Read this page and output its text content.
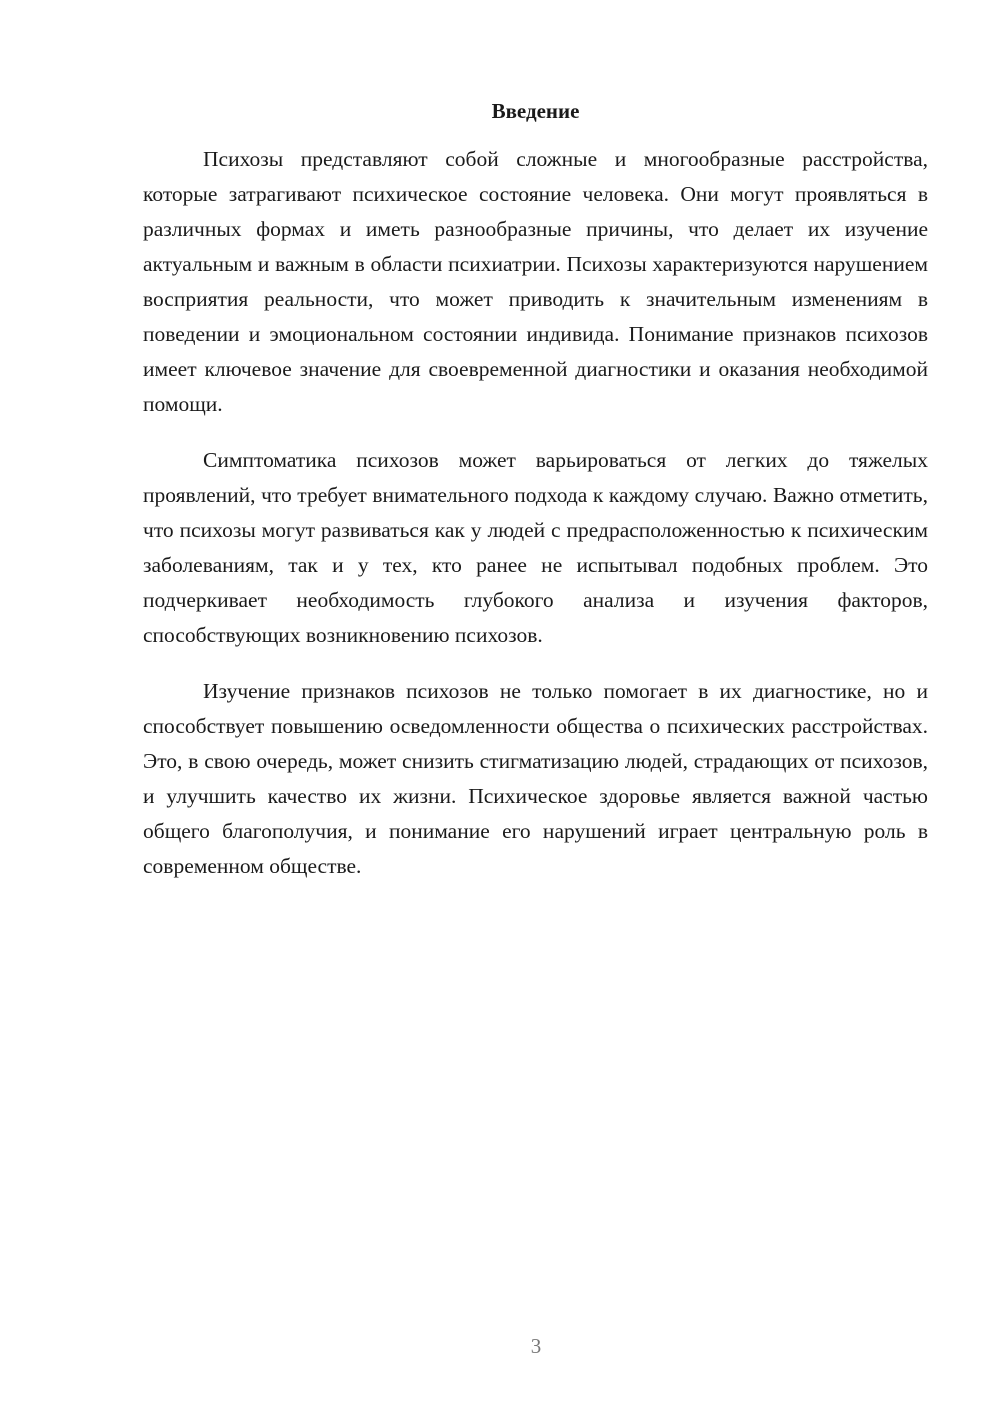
Введение

Психозы представляют собой сложные и многообразные расстройства, которые затрагивают психическое состояние человека. Они могут проявляться в различных формах и иметь разнообразные причины, что делает их изучение актуальным и важным в области психиатрии. Психозы характеризуются нарушением восприятия реальности, что может приводить к значительным изменениям в поведении и эмоциональном состоянии индивида. Понимание признаков психозов имеет ключевое значение для своевременной диагностики и оказания необходимой помощи.

Симптоматика психозов может варьироваться от легких до тяжелых проявлений, что требует внимательного подхода к каждому случаю. Важно отметить, что психозы могут развиваться как у людей с предрасположенностью к психическим заболеваниям, так и у тех, кто ранее не испытывал подобных проблем. Это подчеркивает необходимость глубокого анализа и изучения факторов, способствующих возникновению психозов.

Изучение признаков психозов не только помогает в их диагностике, но и способствует повышению осведомленности общества о психических расстройствах. Это, в свою очередь, может снизить стигматизацию людей, страдающих от психозов, и улучшить качество их жизни. Психическое здоровье является важной частью общего благополучия, и понимание его нарушений играет центральную роль в современном обществе.

3
